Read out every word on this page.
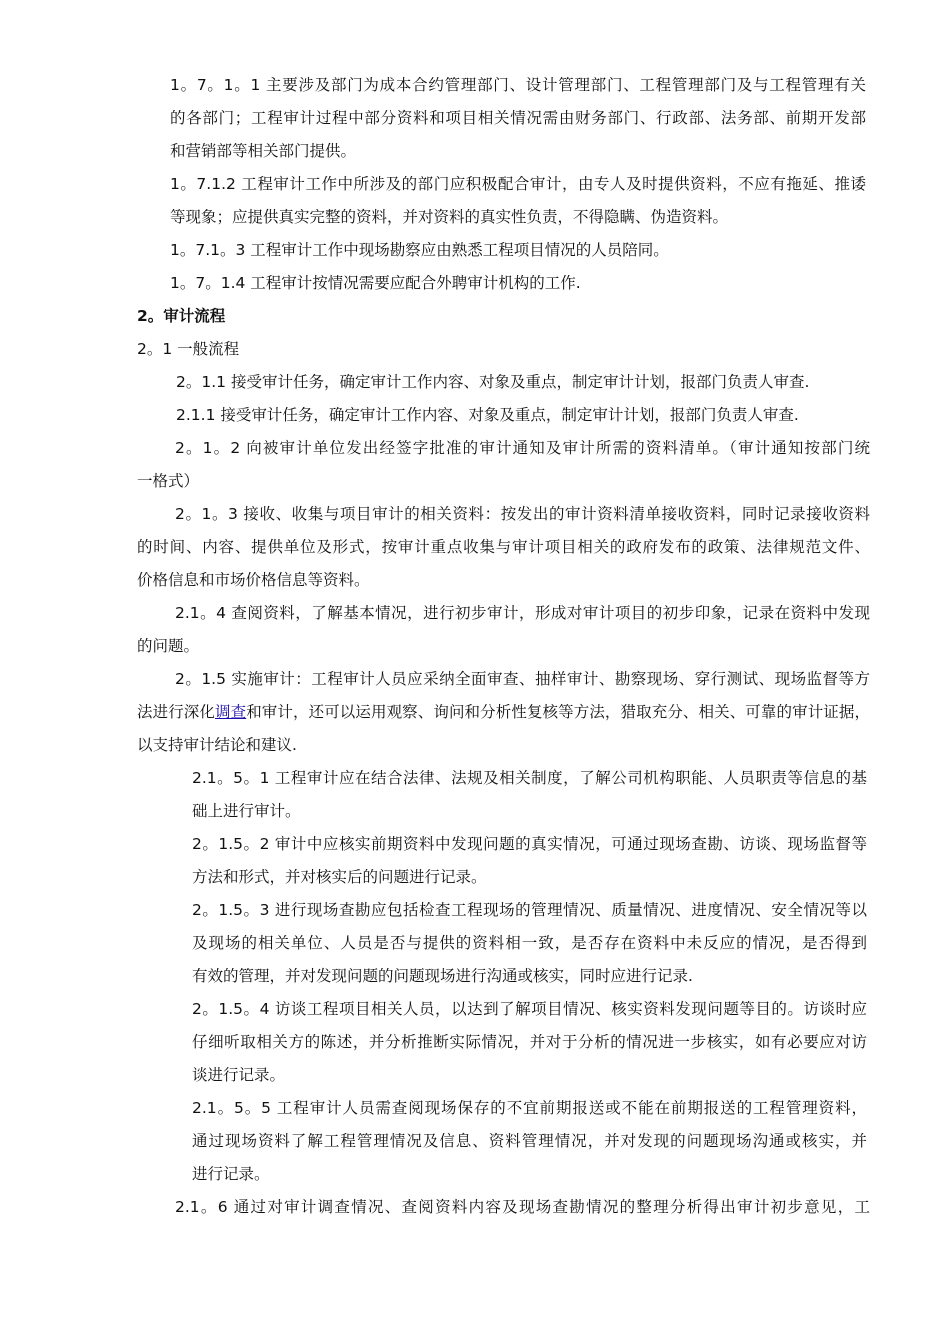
1。7。1。1 主要涉及部门为成本合约管理部门、设计管理部门、工程管理部门及与工程管理有关
的各部门；工程审计过程中部分资料和项目相关情况需由财务部门、行政部、法务部、前期开发部
和营销部等相关部门提供。
1。7.1.2 工程审计工作中所涉及的部门应积极配合审计，由专人及时提供资料，不应有拖延、推诿
等现象；应提供真实完整的资料，并对资料的真实性负责，不得隐瞒、伪造资料。
1。7.1。3 工程审计工作中现场勘察应由熟悉工程项目情况的人员陪同。
1。7。1.4 工程审计按情况需要应配合外聘审计机构的工作.
2。审计流程
2。1 一般流程
2。1.1 接受审计任务，确定审计工作内容、对象及重点，制定审计计划，报部门负责人审查.
2.1.1 接受审计任务，确定审计工作内容、对象及重点，制定审计计划，报部门负责人审查.
2。1。2 向被审计单位发出经签字批准的审计通知及审计所需的资料清单。（审计通知按部门统
一格式）
2。1。3 接收、收集与项目审计的相关资料：按发出的审计资料清单接收资料，同时记录接收资料
的时间、内容、提供单位及形式，按审计重点收集与审计项目相关的政府发布的政策、法律规范文件、
价格信息和市场价格信息等资料。
2.1。4 查阅资料，了解基本情况，进行初步审计，形成对审计项目的初步印象，记录在资料中发现
的问题。
2。1.5 实施审计：工程审计人员应采纳全面审查、抽样审计、勘察现场、穿行测试、现场监督等方
法进行深化调查和审计，还可以运用观察、询问和分析性复核等方法，猎取充分、相关、可靠的审计证据，
以支持审计结论和建议.
2.1。5。1 工程审计应在结合法律、法规及相关制度，了解公司机构职能、人员职责等信息的基
础上进行审计。
2。1.5。2 审计中应核实前期资料中发现问题的真实情况，可通过现场查勘、访谈、现场监督等
方法和形式，并对核实后的问题进行记录。
2。1.5。3 进行现场查勘应包括检查工程现场的管理情况、质量情况、进度情况、安全情况等以
及现场的相关单位、人员是否与提供的资料相一致，是否存在资料中未反应的情况，是否得到
有效的管理，并对发现问题的问题现场进行沟通或核实，同时应进行记录.
2。1.5。4 访谈工程项目相关人员，以达到了解项目情况、核实资料发现问题等目的。访谈时应
仔细听取相关方的陈述，并分析推断实际情况，并对于分析的情况进一步核实，如有必要应对访
谈进行记录。
2.1。5。5 工程审计人员需查阅现场保存的不宜前期报送或不能在前期报送的工程管理资料，
通过现场资料了解工程管理情况及信息、资料管理情况，并对发现的问题现场沟通或核实，并
进行记录。
2.1。6 通过对审计调查情况、查阅资料内容及现场查勘情况的整理分析得出审计初步意见，工
